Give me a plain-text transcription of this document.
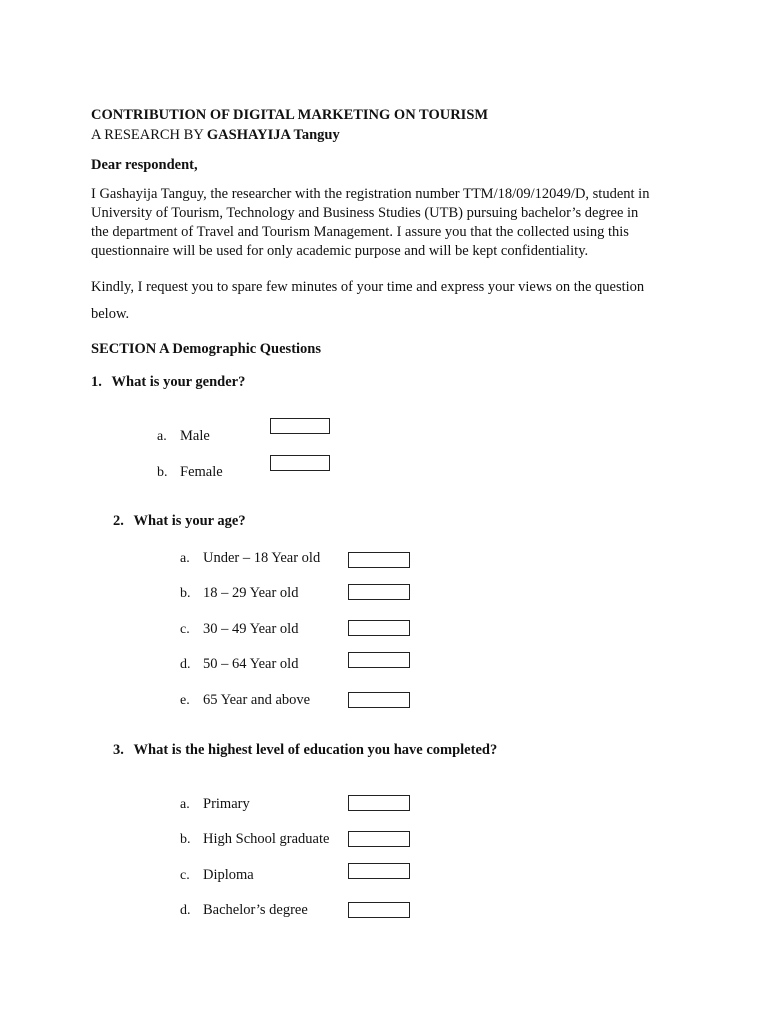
CONTRIBUTION OF DIGITAL MARKETING ON TOURISM
A RESEARCH BY GASHAYIJA Tanguy
Dear respondent,

I Gashayija Tanguy, the researcher with the registration number TTM/18/09/12049/D, student in

University of Tourism, Technology and Business Studies (UTB) pursuing bachelor’s degree in

the department of Travel and Tourism Management. I assure you that the collected using this

questionnaire will be used for only academic purpose and will be kept confidentiality.

Kindly, I request you to spare few minutes of your time and express your views on the question

below.

SECTION A Demographic Questions
1. What is your gender?
a. Male
b. Female
2. What is your age?
a. Under – 18 Year old
b. 18 – 29 Year old
c. 30 – 49 Year old
d. 50 – 64 Year old
e. 65 Year and above
3. What is the highest level of education you have completed?
a. Primary
b. High School graduate
c. Diploma
d. Bachelor’s degree
